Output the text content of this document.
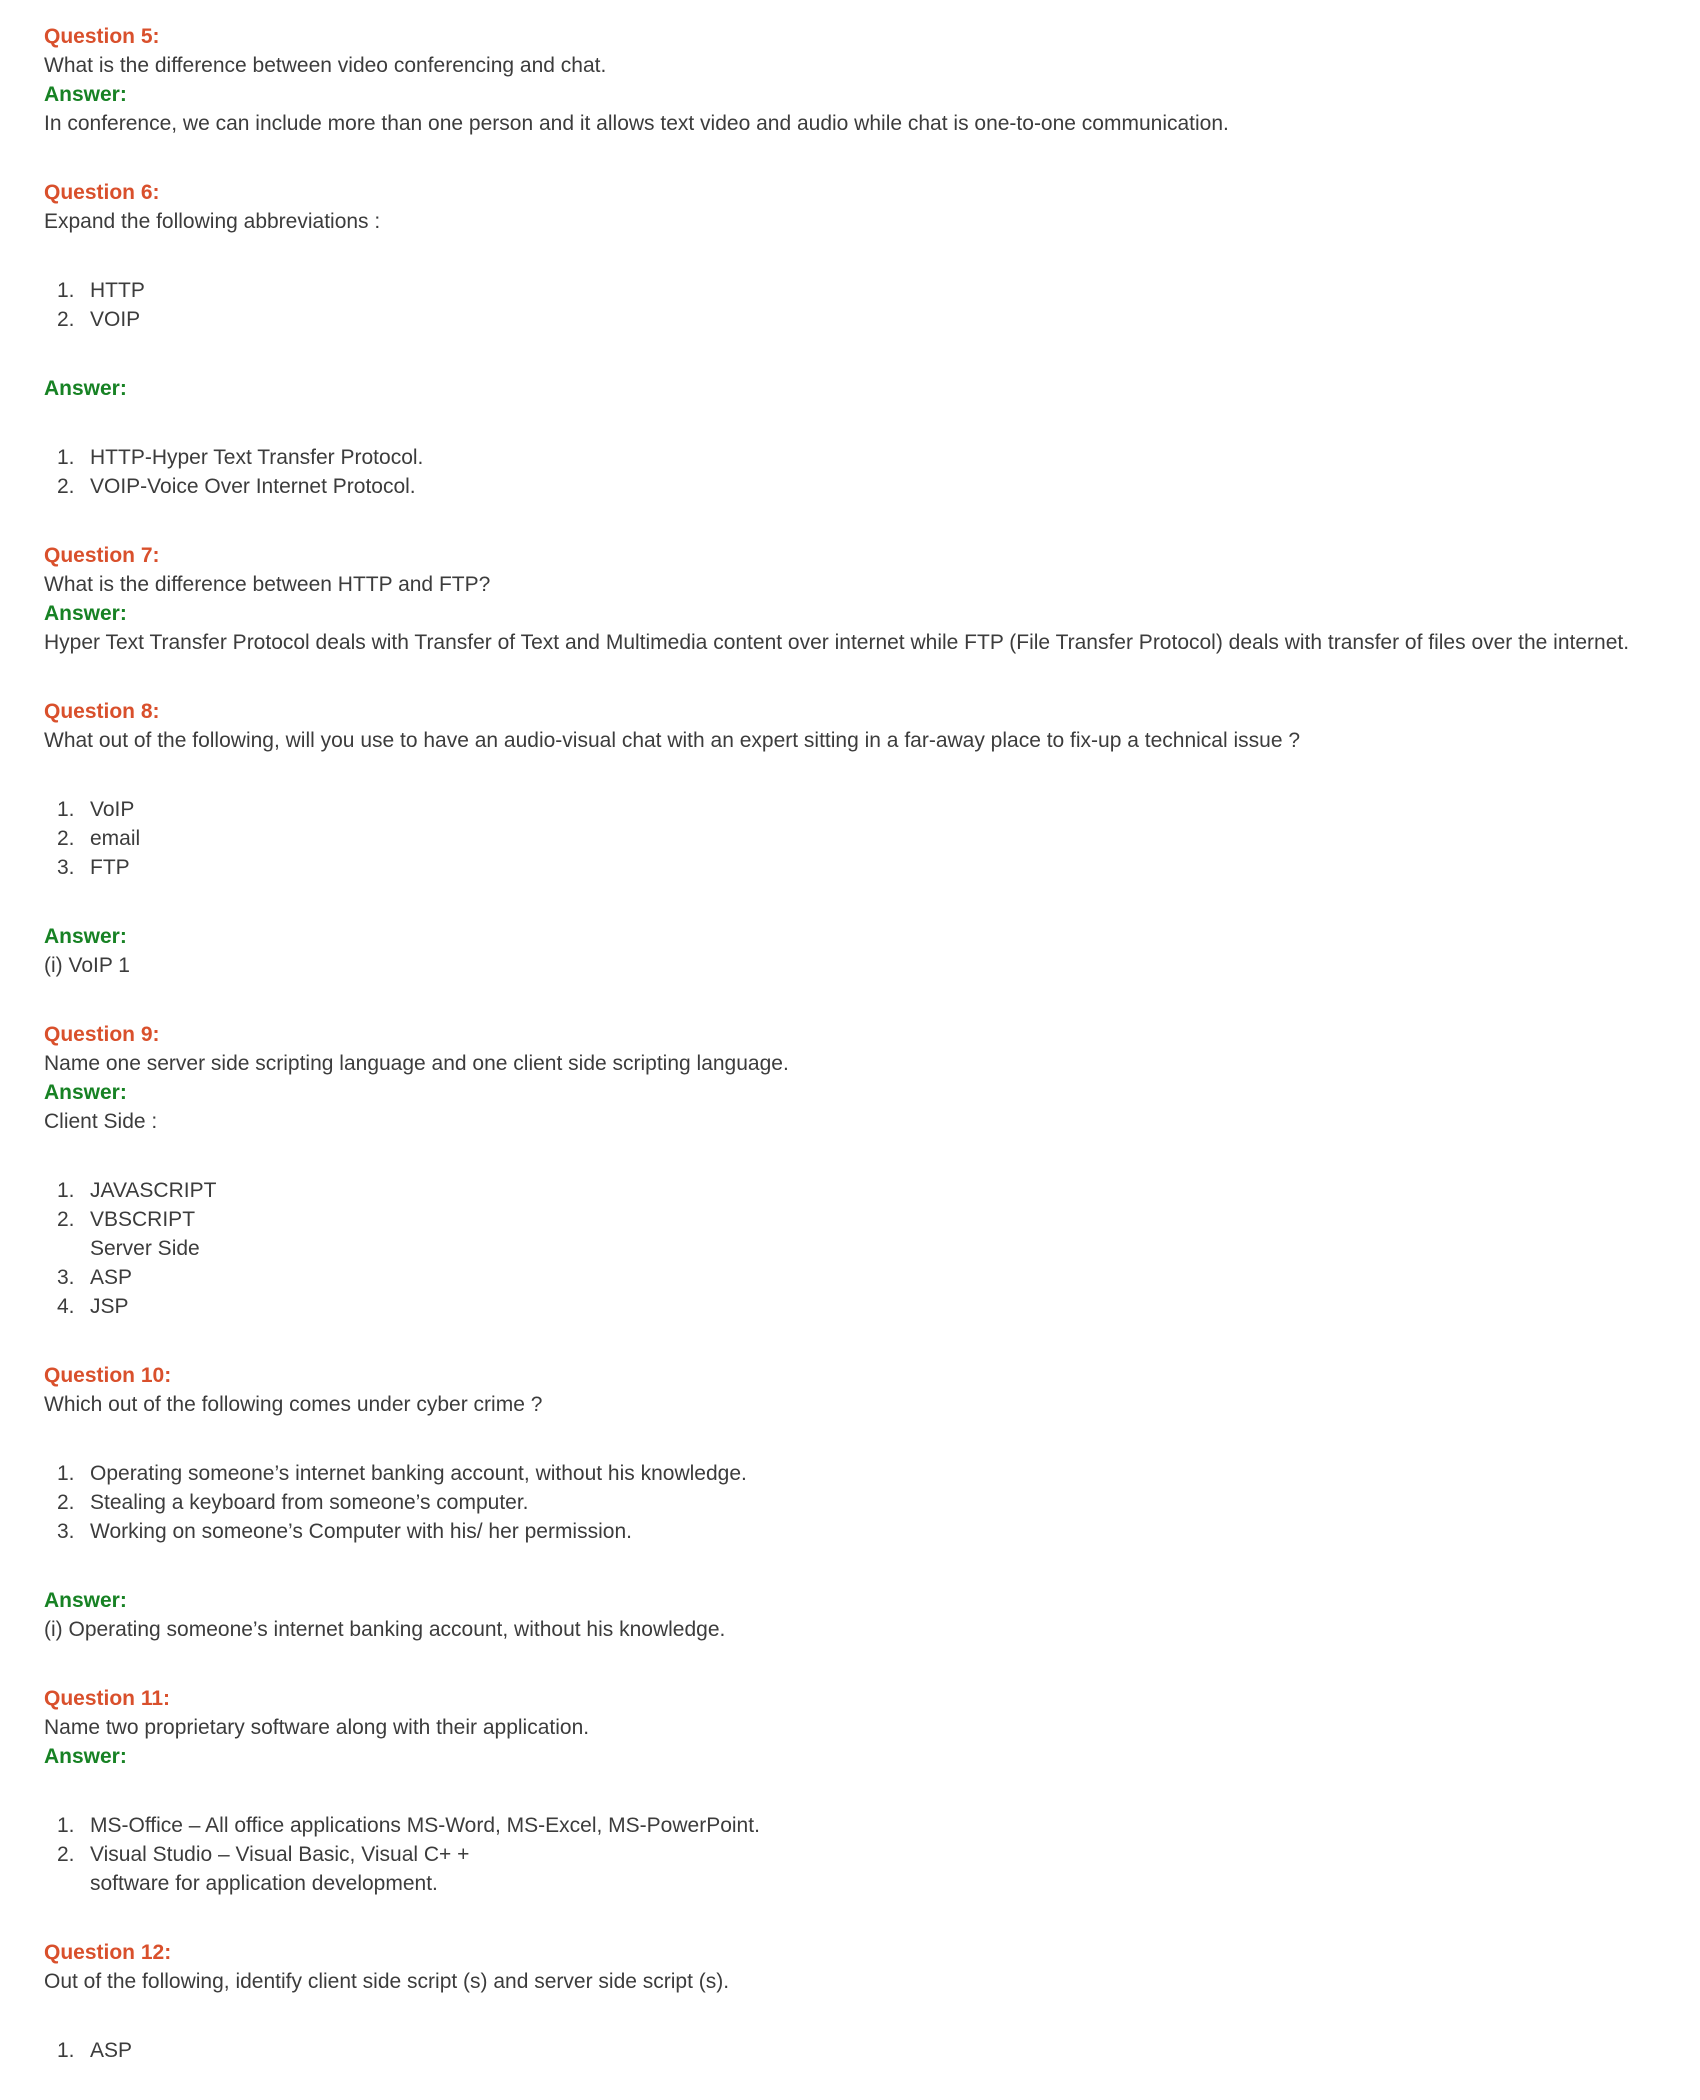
Question 5:

What is the difference between video conferencing and chat.

Answer:

In conference, we can include more than one person and it allows text video and audio while chat is one-to-one communication.

Question 6:

Expand the following abbreviations :

1. HTTP
2. VOIP
Answer:
1. HTTP-Hyper Text Transfer Protocol.
2. VOIP-Voice Over Internet Protocol.
Question 7:

What is the difference between HTTP and FTP?

Answer:

Hyper Text Transfer Protocol deals with Transfer of Text and Multimedia content over internet while FTP (File Transfer Protocol) deals with transfer of files over the internet.

Question 8:

What out of the following, will you use to have an audio-visual chat with an expert sitting in a far-away place to fix-up a technical issue ?

1. VoIP
2. email
3. FTP
Answer:

(i) VoIP 1

Question 9:

Name one server side scripting language and one client side scripting language.

Answer:

Client Side :

1. JAVASCRIPT
2. VBSCRIPT
Server Side
3. ASP
4. JSP
Question 10:

Which out of the following comes under cyber crime ?

1. Operating someone’s internet banking account, without his knowledge.
2. Stealing a keyboard from someone’s computer.
3. Working on someone’s Computer with his/ her permission.
Answer:

(i) Operating someone’s internet banking account, without his knowledge.

Question 11:

Name two proprietary software along with their application.

Answer:
1. MS-Office – All office applications MS-Word, MS-Excel, MS-PowerPoint.
2. Visual Studio – Visual Basic, Visual C+ +
software for application development.
Question 12:

Out of the following, identify client side script (s) and server side script (s).

1. ASP
